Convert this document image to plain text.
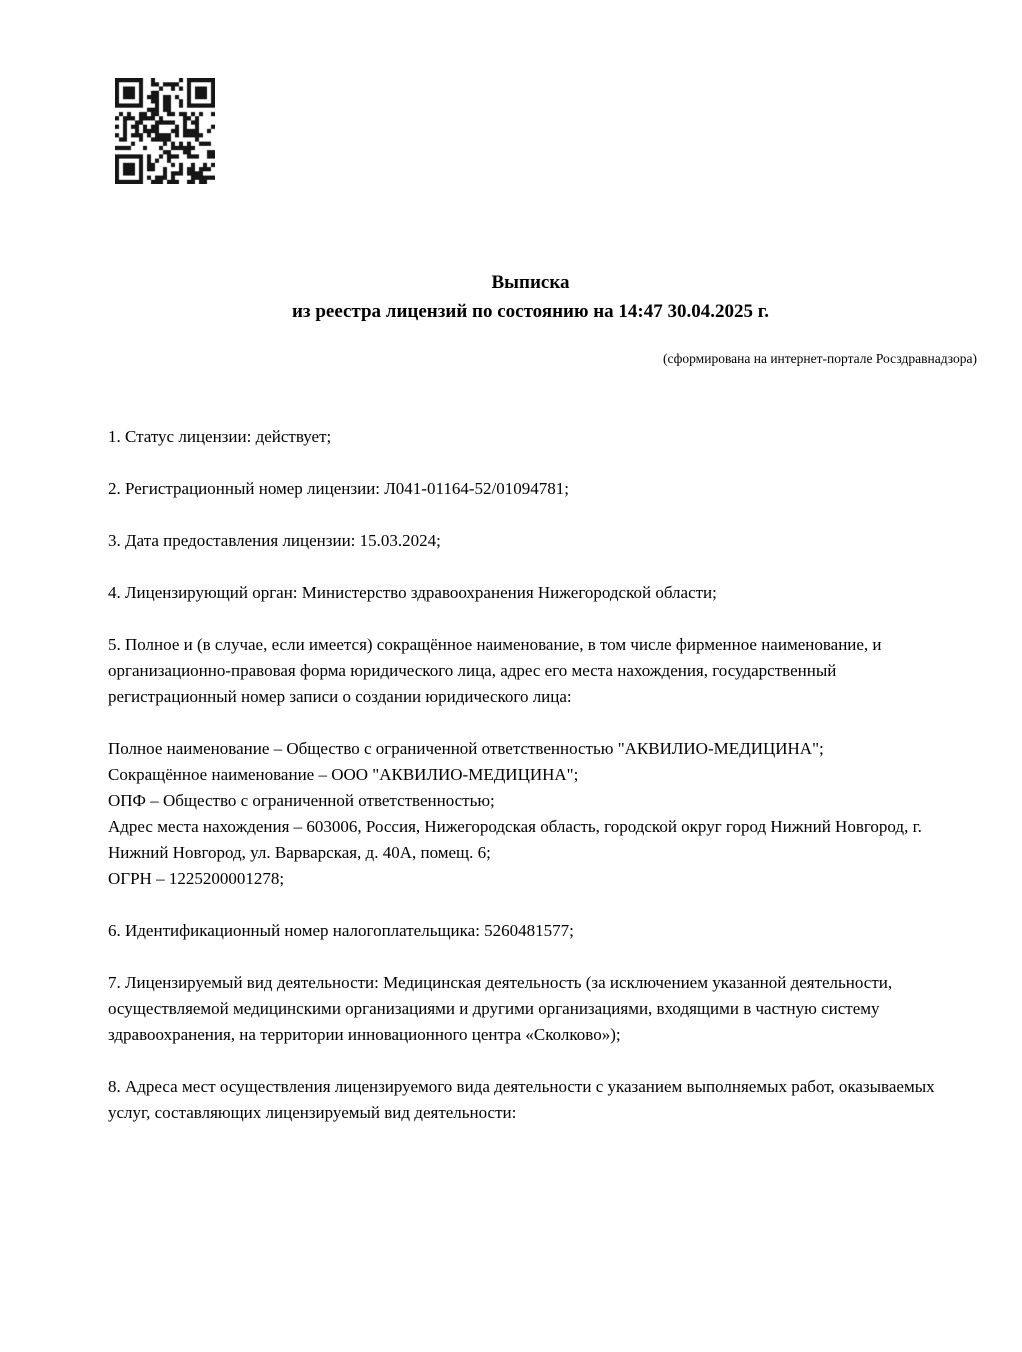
Выписка
из реестра лицензий по состоянию на 14:47 30.04.2025 г.
(сформирована на интернет-портале Росздравнадзора)

1. Статус лицензии: действует;

2. Регистрационный номер лицензии: Л041-01164-52/01094781;

3. Дата предоставления лицензии: 15.03.2024;

4. Лицензирующий орган: Министерство здравоохранения Нижегородской области;

5. Полное и (в случае, если имеется) сокращённое наименование, в том числе фирменное наименование, и организационно-правовая форма юридического лица, адрес его места нахождения, государственный регистрационный номер записи о создании юридического лица:

Полное наименование – Общество с ограниченной ответственностью "АКВИЛИО-МЕДИЦИНА";
Сокращённое наименование – ООО "АКВИЛИО-МЕДИЦИНА";
ОПФ – Общество с ограниченной ответственностью;
Адрес места нахождения – 603006, Россия, Нижегородская область, городской округ город Нижний Новгород, г. Нижний Новгород, ул. Варварская, д. 40А, помещ. 6;
ОГРН – 1225200001278;

6. Идентификационный номер налогоплательщика: 5260481577;

7. Лицензируемый вид деятельности: Медицинская деятельность (за исключением указанной деятельности, осуществляемой медицинскими организациями и другими организациями, входящими в частную систему здравоохранения, на территории инновационного центра «Сколково»);

8. Адреса мест осуществления лицензируемого вида деятельности с указанием выполняемых работ, оказываемых услуг, составляющих лицензируемый вид деятельности:
